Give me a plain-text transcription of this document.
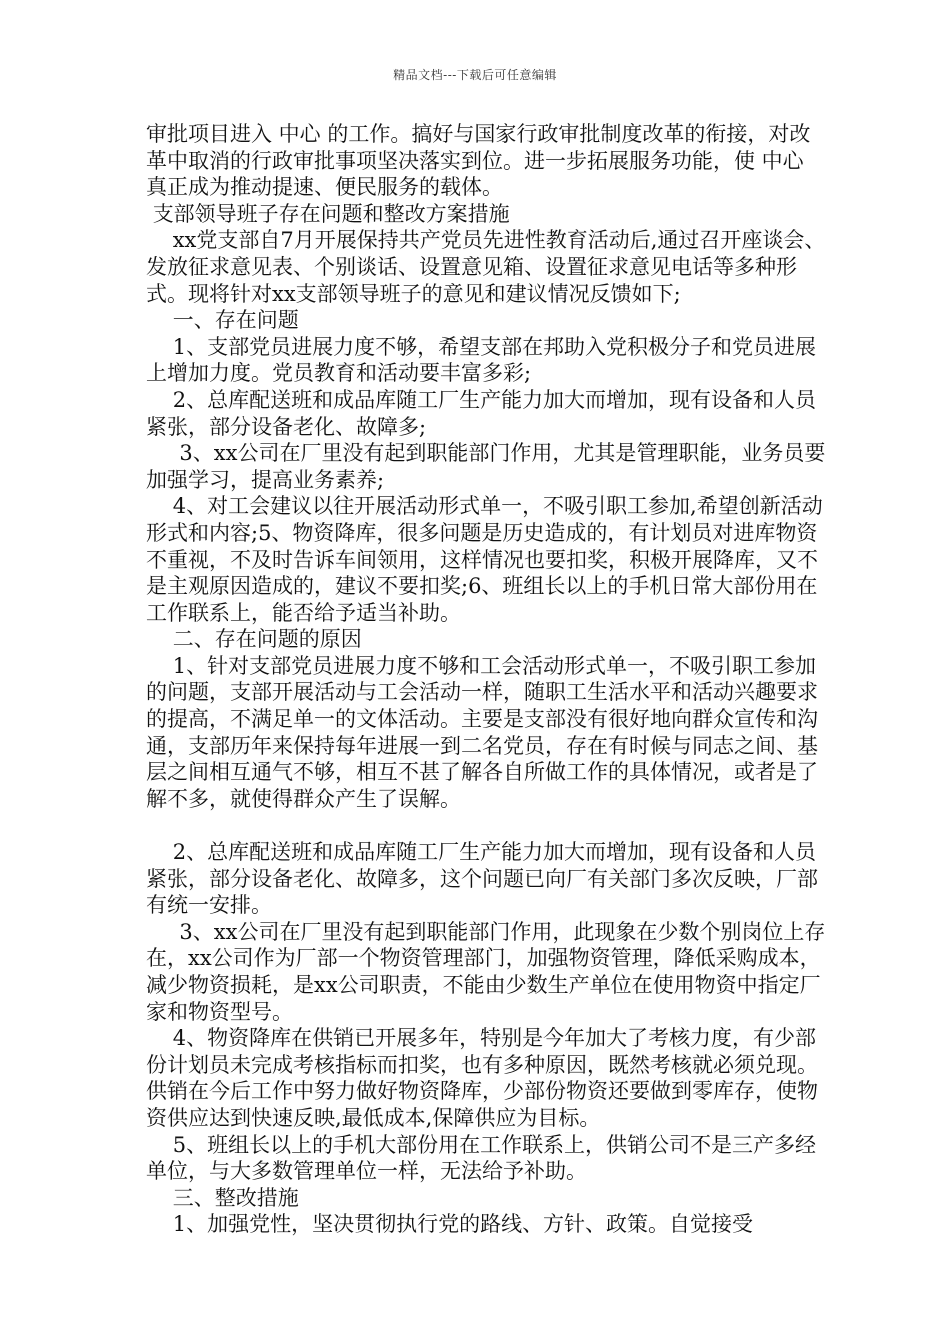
精品文档---下载后可任意编辑

审批项目进入 中心 的工作。搞好与国家行政审批制度改革的衔接，对改革中取消的行政审批事项坚决落实到位。进一步拓展服务功能，使 中心 真正成为推动提速、便民服务的载体。

支部领导班子存在问题和整改方案措施

xx党支部自7月开展保持共产党员先进性教育活动后,通过召开座谈会、发放征求意见表、个别谈话、设置意见箱、设置征求意见电话等多种形式。现将针对xx支部领导班子的意见和建议情况反馈如下;

一、存在问题

1、支部党员进展力度不够，希望支部在邦助入党积极分子和党员进展上增加力度。党员教育和活动要丰富多彩;

2、总库配送班和成品库随工厂生产能力加大而增加，现有设备和人员紧张，部分设备老化、故障多;

3、xx公司在厂里没有起到职能部门作用，尤其是管理职能，业务员要加强学习，提高业务素养;

4、对工会建议以往开展活动形式单一，不吸引职工参加,希望创新活动形式和内容;5、物资降库，很多问题是历史造成的，有计划员对进库物资不重视，不及时告诉车间领用，这样情况也要扣奖，积极开展降库，又不是主观原因造成的，建议不要扣奖;6、班组长以上的手机日常大部份用在工作联系上，能否给予适当补助。

二、存在问题的原因

1、针对支部党员进展力度不够和工会活动形式单一，不吸引职工参加的问题，支部开展活动与工会活动一样，随职工生活水平和活动兴趣要求的提高，不满足单一的文体活动。主要是支部没有很好地向群众宣传和沟通，支部历年来保持每年进展一到二名党员，存在有时候与同志之间、基层之间相互通气不够，相互不甚了解各自所做工作的具体情况，或者是了解不多，就使得群众产生了误解。

2、总库配送班和成品库随工厂生产能力加大而增加，现有设备和人员紧张，部分设备老化、故障多，这个问题已向厂有关部门多次反映，厂部有统一安排。

3、xx公司在厂里没有起到职能部门作用，此现象在少数个别岗位上存在，xx公司作为厂部一个物资管理部门，加强物资管理，降低采购成本，减少物资损耗，是xx公司职责，不能由少数生产单位在使用物资中指定厂家和物资型号。

4、物资降库在供销已开展多年，特别是今年加大了考核力度，有少部份计划员未完成考核指标而扣奖，也有多种原因，既然考核就必须兑现。供销在今后工作中努力做好物资降库，少部份物资还要做到零库存，使物资供应达到快速反映,最低成本,保障供应为目标。

5、班组长以上的手机大部份用在工作联系上，供销公司不是三产多经单位，与大多数管理单位一样，无法给予补助。

三、整改措施

1、加强党性，坚决贯彻执行党的路线、方针、政策。自觉接受
